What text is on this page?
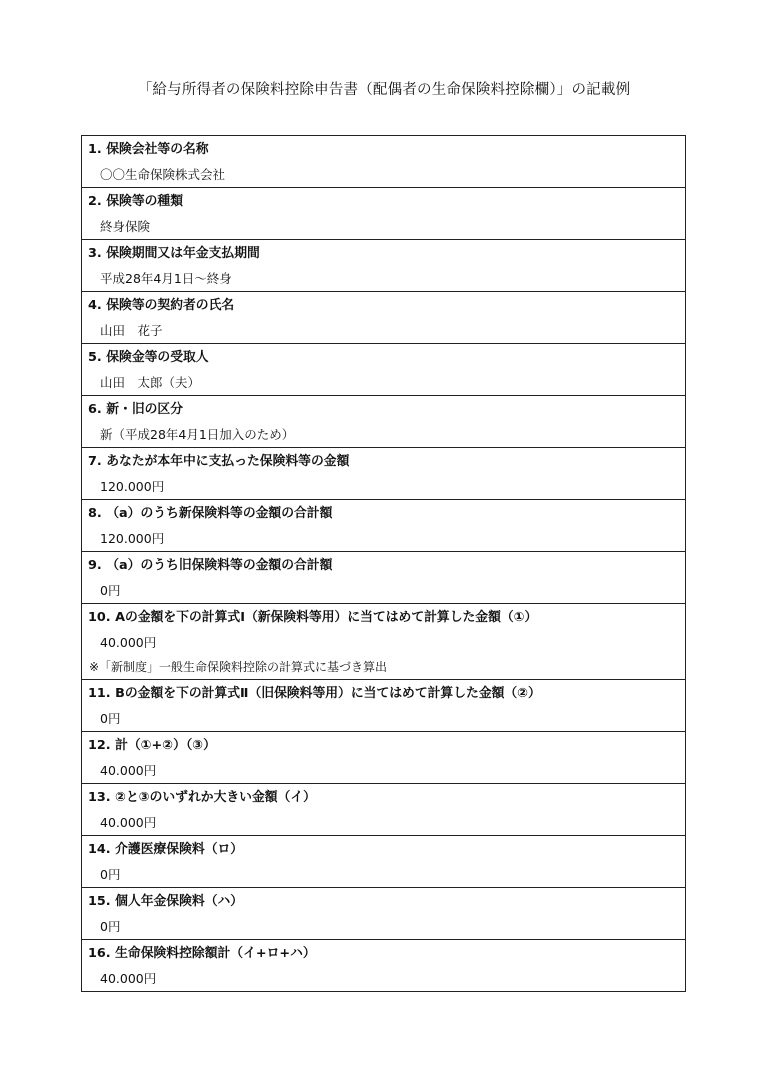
「給与所得者の保険料控除申告書（配偶者の生命保険料控除欄）」の記載例
1. 保険会社等の名称
〇〇生命保険株式会社
2. 保険等の種類
終身保険
3. 保険期間又は年金支払期間
平成28年4月1日～終身
4. 保険等の契約者の氏名
山田　花子
5. 保険金等の受取人
山田　太郎（夫）
6. 新・旧の区分
新（平成28年4月1日加入のため）
7. あなたが本年中に支払った保険料等の金額
120.000円
8. （a）のうち新保険料等の金額の合計額
120.000円
9. （a）のうち旧保険料等の金額の合計額
0円
10. Aの金額を下の計算式Ⅰ（新保険料等用）に当てはめて計算した金額（①）
40.000円
※「新制度」一般生命保険料控除の計算式に基づき算出
11. Bの金額を下の計算式Ⅱ（旧保険料等用）に当てはめて計算した金額（②）
0円
12. 計（①+②）（③）
40.000円
13. ②と③のいずれか大きい金額（イ）
40.000円
14. 介護医療保険料（ロ）
0円
15. 個人年金保険料（ハ）
0円
16. 生命保険料控除額計（イ+ロ+ハ）
40.000円
